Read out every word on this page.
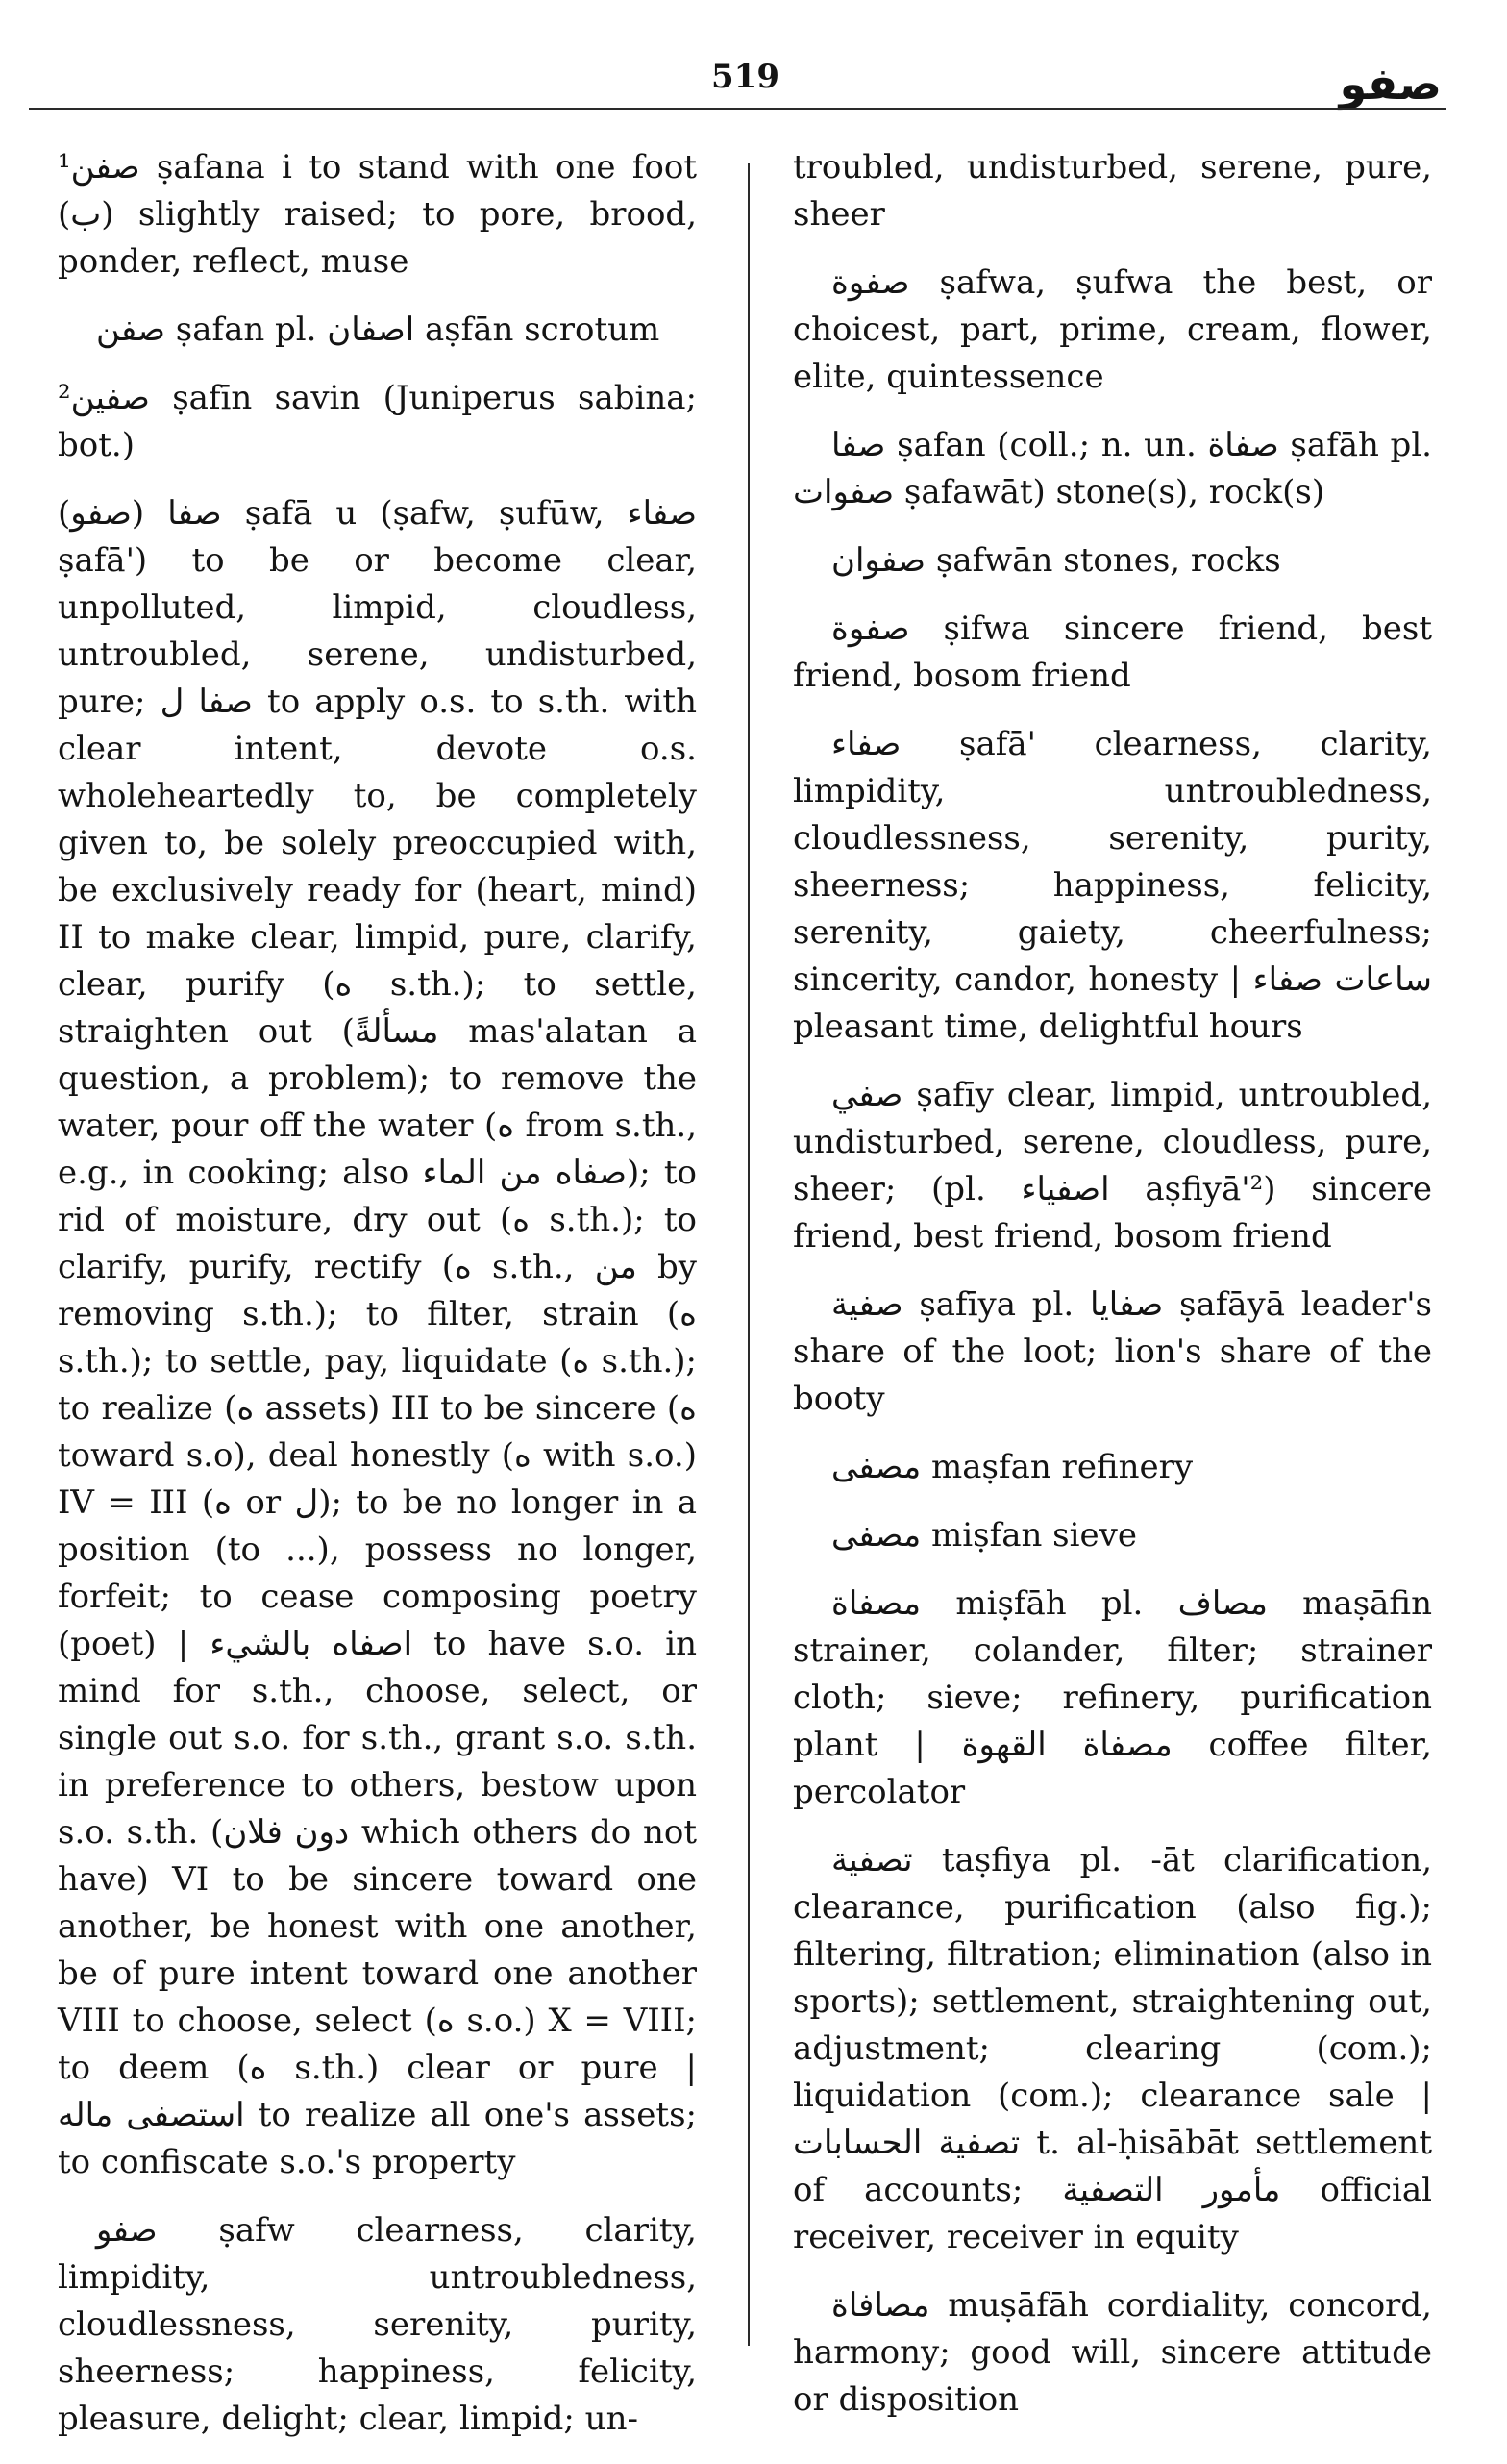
519	صفو

¹صفن ṣafana i to stand with one foot (ب) slightly raised; to pore, brood, ponder, reflect, muse

صفن ṣafan pl. اصفان aṣfān scrotum

²صفين ṣafīn savin (Juniperus sabina; bot.)

(صفو) صفا ṣafā u (ṣafw, ṣufūw, صفاء ṣafā') to be or become clear, unpolluted, limpid, cloudless, untroubled, serene, undisturbed, pure; صفا ل to apply o.s. to s.th. with clear intent, devote o.s. wholeheartedly to, be completely given to, be solely preoccupied with, be exclusively ready for (heart, mind) II to make clear, limpid, pure, clarify, clear, purify (ه s.th.); to settle, straighten out (مسألةً mas'alatan a question, a problem); to remove the water, pour off the water (ه from s.th., e.g., in cooking; also صفاه من الماء); to rid of moisture, dry out (ه s.th.); to clarify, purify, rectify (ه s.th., من by removing s.th.); to filter, strain (ه s.th.); to settle, pay, liquidate (ه s.th.); to realize (ه assets) III to be sincere (ه toward s.o), deal honestly (ه with s.o.) IV = III (ه or ل); to be no longer in a position (to ...), possess no longer, forfeit; to cease composing poetry (poet) | اصفاه بالشيء to have s.o. in mind for s.th., choose, select, or single out s.o. for s.th., grant s.o. s.th. in preference to others, bestow upon s.o. s.th. (دون فلان which others do not have) VI to be sincere toward one another, be honest with one another, be of pure intent toward one another VIII to choose, select (ه s.o.) X = VIII; to deem (ه s.th.) clear or pure | استصفى ماله to realize all one's assets; to confiscate s.o.'s property

صفو ṣafw clearness, clarity, limpidity, untroubledness, cloudlessness, serenity, purity, sheerness; happiness, felicity, pleasure, delight; clear, limpid; un-

troubled, undisturbed, serene, pure, sheer

صفوة ṣafwa, ṣufwa the best, or choicest, part, prime, cream, flower, elite, quintessence

صفا ṣafan (coll.; n. un. صفاة ṣafāh pl. صفوات ṣafawāt) stone(s), rock(s)

صفوان ṣafwān stones, rocks

صفوة ṣifwa sincere friend, best friend, bosom friend

صفاء ṣafā' clearness, clarity, limpidity, untroubledness, cloudlessness, serenity, purity, sheerness; happiness, felicity, serenity, gaiety, cheerfulness; sincerity, candor, honesty | ساعات صفاء pleasant time, delightful hours

صفي ṣafīy clear, limpid, untroubled, undisturbed, serene, cloudless, pure, sheer; (pl. اصفياء aṣfiyā'²) sincere friend, best friend, bosom friend

صفية ṣafīya pl. صفايا ṣafāyā leader's share of the loot; lion's share of the booty

مصفى maṣfan refinery

مصفى miṣfan sieve

مصفاة miṣfāh pl. مصاف maṣāfin strainer, colander, filter; strainer cloth; sieve; refinery, purification plant | مصفاة القهوة coffee filter, percolator

تصفية taṣfiya pl. -āt clarification, clearance, purification (also fig.); filtering, filtration; elimination (also in sports); settlement, straightening out, adjustment; clearing (com.); liquidation (com.); clearance sale | تصفية الحسابات t. al-ḥisābāt settlement of accounts; مأمور التصفية official receiver, receiver in equity

مصافاة muṣāfāh cordiality, concord, harmony; good will, sincere attitude or disposition
